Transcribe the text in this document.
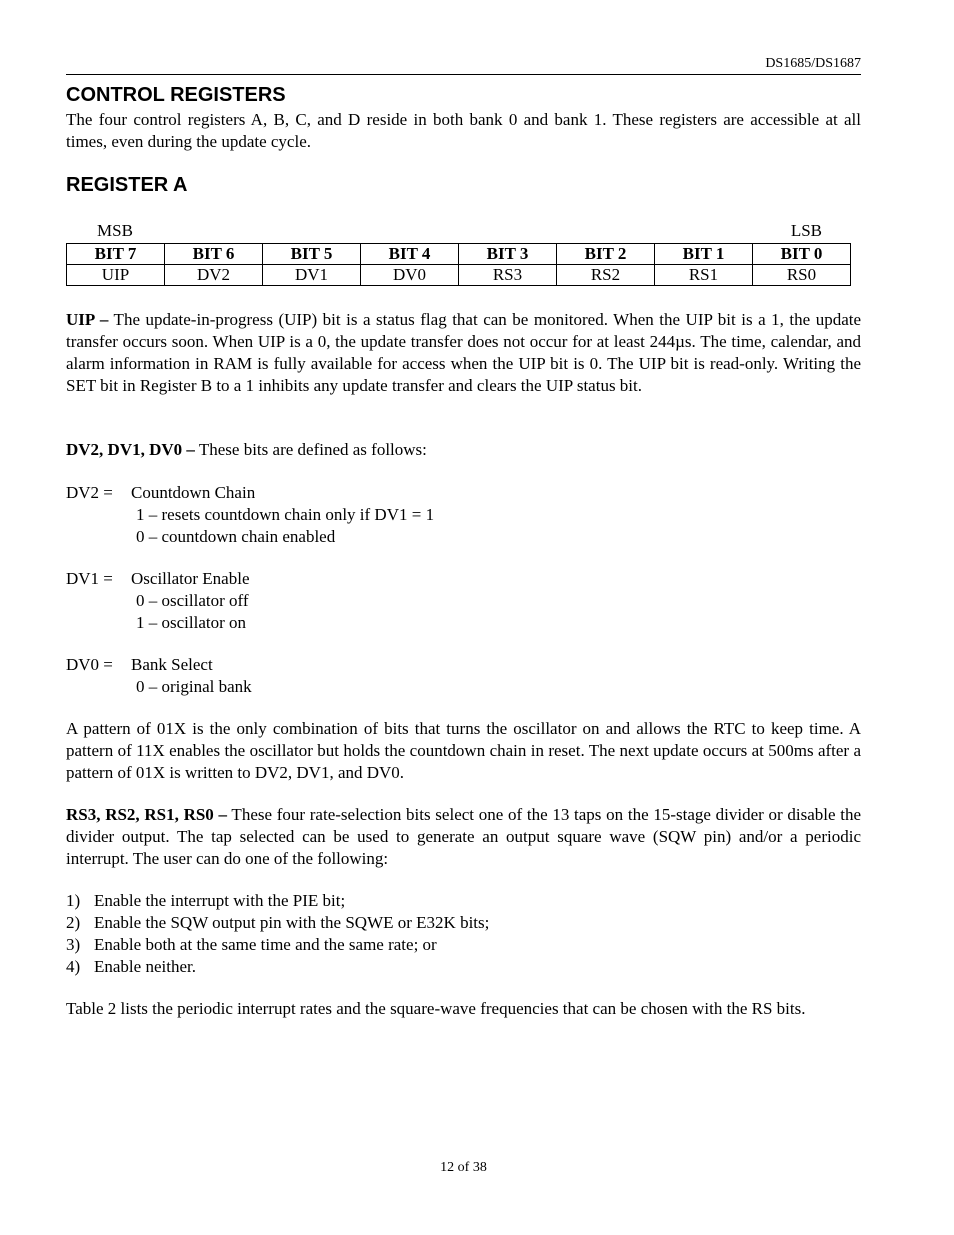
DS1685/DS1687
CONTROL REGISTERS

The four control registers A, B, C, and D reside in both bank 0 and bank 1. These registers are accessible at all times, even during the update cycle.

REGISTER A
MSB	LSB
BIT 7	BIT 6	BIT 5	BIT 4	BIT 3	BIT 2	BIT 1	BIT 0
UIP	DV2	DV1	DV0	RS3	RS2	RS1	RS0

UIP – The update-in-progress (UIP) bit is a status flag that can be monitored. When the UIP bit is a 1, the update transfer occurs soon. When UIP is a 0, the update transfer does not occur for at least 244µs. The time, calendar, and alarm information in RAM is fully available for access when the UIP bit is 0. The UIP bit is read-only. Writing the SET bit in Register B to a 1 inhibits any update transfer and clears the UIP status bit.

DV2, DV1, DV0 – These bits are defined as follows:

DV2 = Countdown Chain
1 – resets countdown chain only if DV1 = 1
0 – countdown chain enabled
DV1 = Oscillator Enable
0 – oscillator off
1 – oscillator on
DV0 = Bank Select
0 – original bank

A pattern of 01X is the only combination of bits that turns the oscillator on and allows the RTC to keep time. A pattern of 11X enables the oscillator but holds the countdown chain in reset. The next update occurs at 500ms after a pattern of 01X is written to DV2, DV1, and DV0.

RS3, RS2, RS1, RS0 – These four rate-selection bits select one of the 13 taps on the 15-stage divider or disable the divider output. The tap selected can be used to generate an output square wave (SQW pin) and/or a periodic interrupt. The user can do one of the following:

1) Enable the interrupt with the PIE bit;
2) Enable the SQW output pin with the SQWE or E32K bits;
3) Enable both at the same time and the same rate; or
4) Enable neither.

Table 2 lists the periodic interrupt rates and the square-wave frequencies that can be chosen with the RS bits.

12 of 38
